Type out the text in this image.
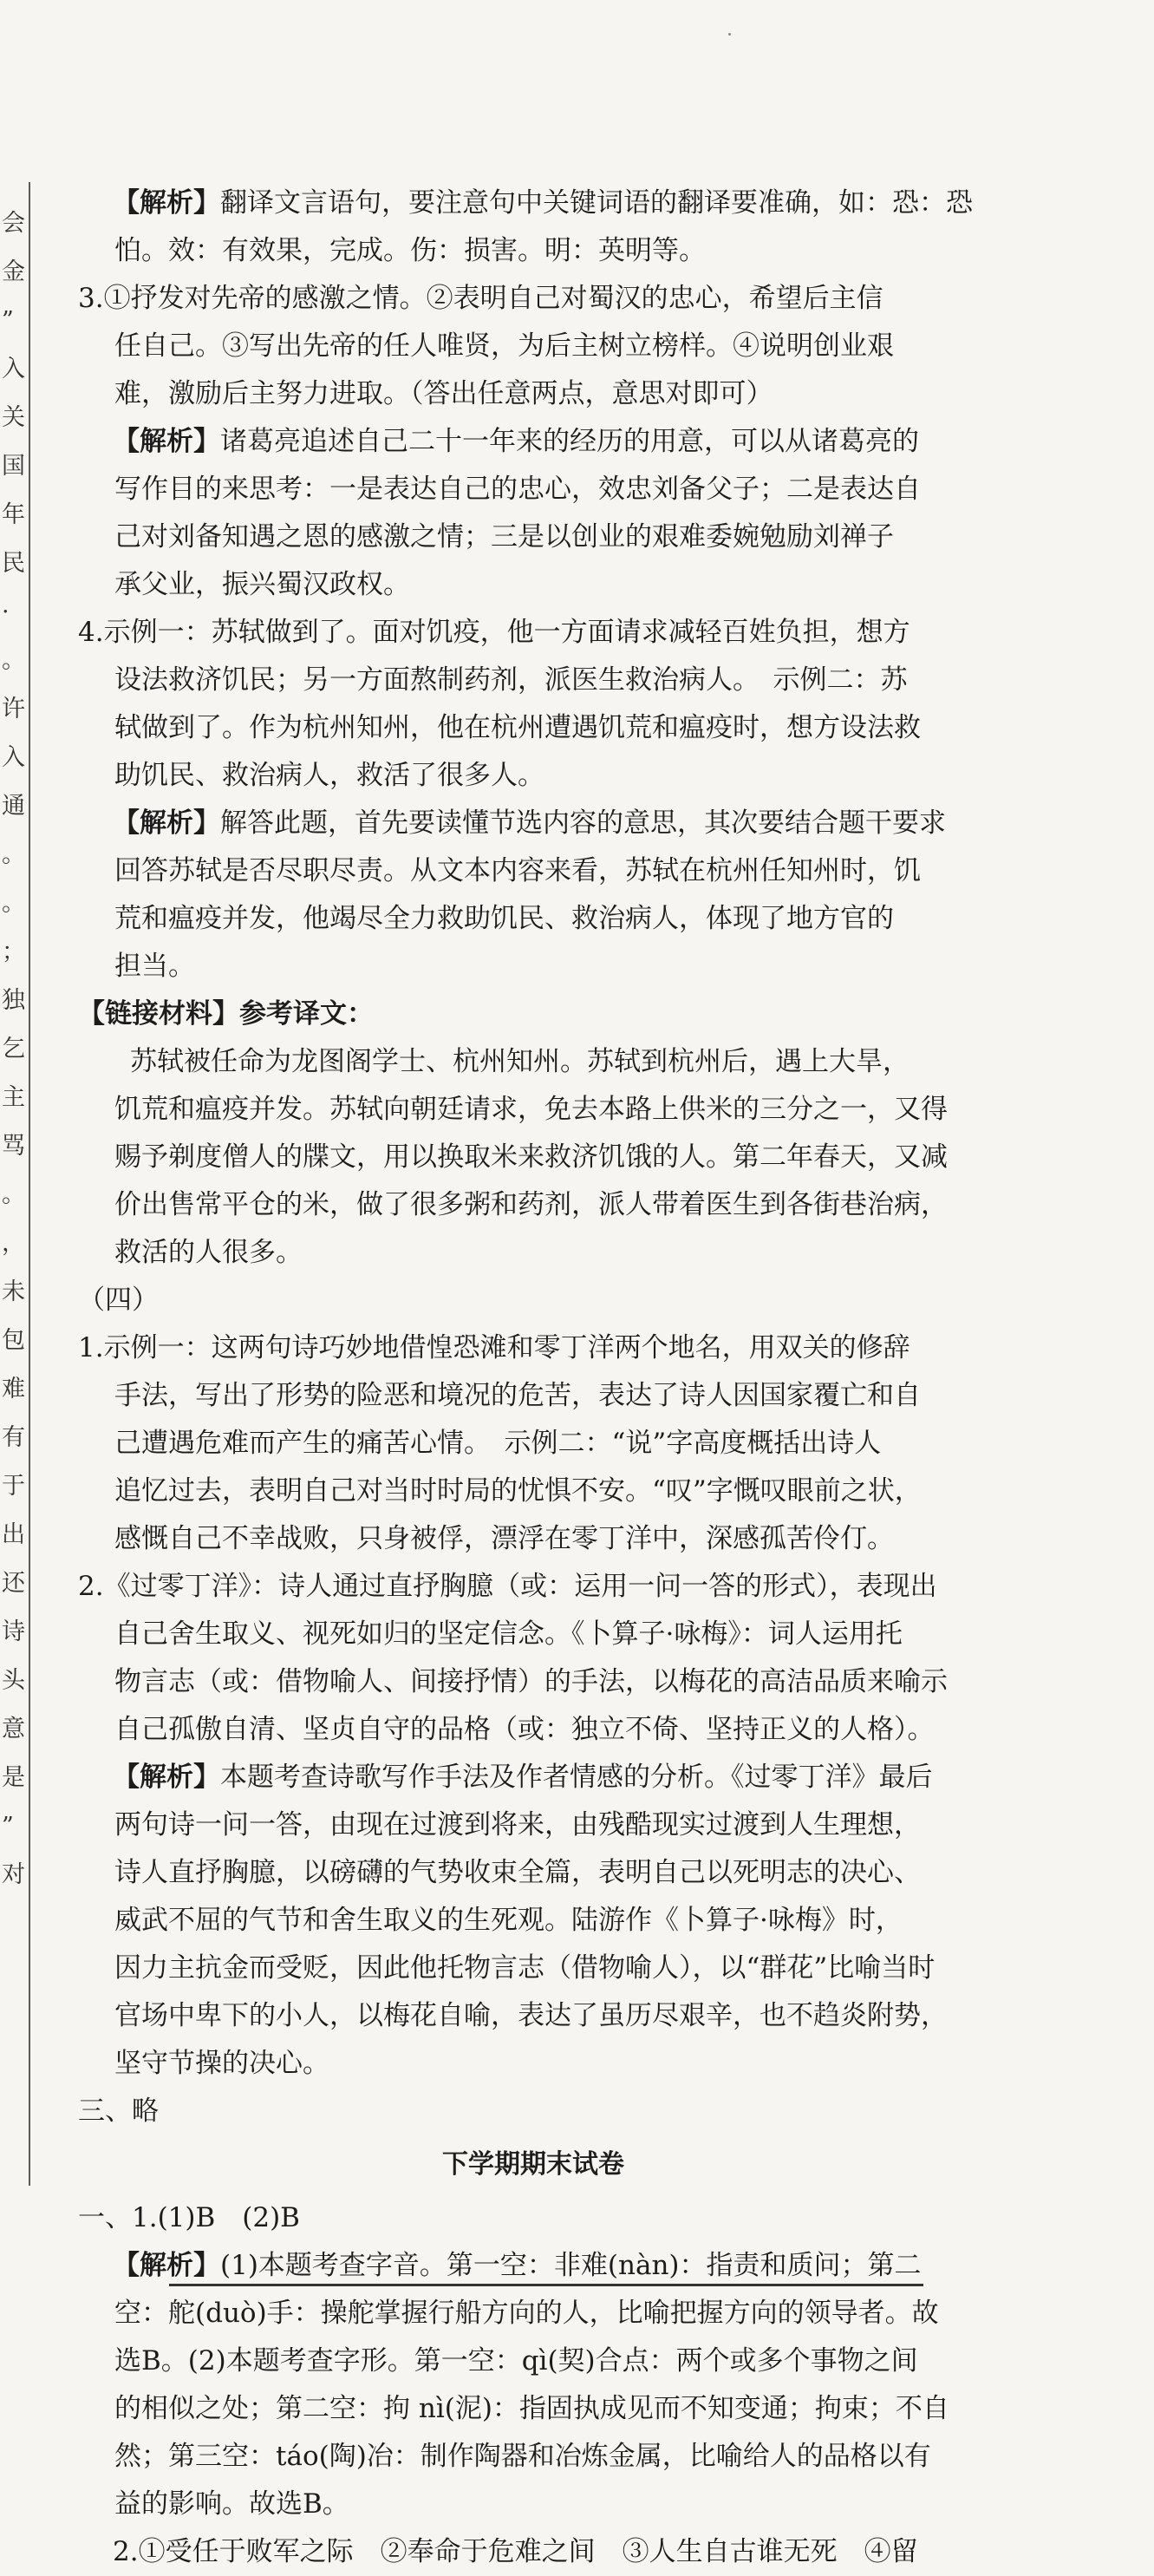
会
金
”
入
关
国
年
民
·
。
许
入
通
。
。
；
独
乞
主
骂
。
，
未
包
难
有
于
出
还
诗
头
意
是
”
对
【解析】翻译文言语句，要注意句中关键词语的翻译要准确，如：恐：恐
怕。效：有效果，完成。伤：损害。明：英明等。
3.①抒发对先帝的感激之情。②表明自己对蜀汉的忠心，希望后主信
任自己。③写出先帝的任人唯贤，为后主树立榜样。④说明创业艰
难，激励后主努力进取。（答出任意两点，意思对即可）
【解析】诸葛亮追述自己二十一年来的经历的用意，可以从诸葛亮的
写作目的来思考：一是表达自己的忠心，效忠刘备父子；二是表达自
己对刘备知遇之恩的感激之情；三是以创业的艰难委婉勉励刘禅子
承父业，振兴蜀汉政权。
4.示例一：苏轼做到了。面对饥疫，他一方面请求减轻百姓负担，想方
设法救济饥民；另一方面熬制药剂，派医生救治病人。　示例二：苏
轼做到了。作为杭州知州，他在杭州遭遇饥荒和瘟疫时，想方设法救
助饥民、救治病人，救活了很多人。
【解析】解答此题，首先要读懂节选内容的意思，其次要结合题干要求
回答苏轼是否尽职尽责。从文本内容来看，苏轼在杭州任知州时，饥
荒和瘟疫并发，他竭尽全力救助饥民、救治病人，体现了地方官的
担当。
【链接材料】参考译文：
苏轼被任命为龙图阁学士、杭州知州。苏轼到杭州后，遇上大旱，
饥荒和瘟疫并发。苏轼向朝廷请求，免去本路上供米的三分之一，又得
赐予剃度僧人的牒文，用以换取米来救济饥饿的人。第二年春天，又减
价出售常平仓的米，做了很多粥和药剂，派人带着医生到各街巷治病，
救活的人很多。
（四）
1.示例一：这两句诗巧妙地借惶恐滩和零丁洋两个地名，用双关的修辞
手法，写出了形势的险恶和境况的危苦，表达了诗人因国家覆亡和自
己遭遇危难而产生的痛苦心情。　示例二：“说”字高度概括出诗人
追忆过去，表明自己对当时时局的忧惧不安。“叹”字慨叹眼前之状，
感慨自己不幸战败，只身被俘，漂浮在零丁洋中，深感孤苦伶仃。
2.《过零丁洋》：诗人通过直抒胸臆（或：运用一问一答的形式），表现出
自己舍生取义、视死如归的坚定信念。《卜算子·咏梅》：词人运用托
物言志（或：借物喻人、间接抒情）的手法，以梅花的高洁品质来喻示
自己孤傲自清、坚贞自守的品格（或：独立不倚、坚持正义的人格）。
【解析】本题考查诗歌写作手法及作者情感的分析。《过零丁洋》最后
两句诗一问一答，由现在过渡到将来，由残酷现实过渡到人生理想，
诗人直抒胸臆，以磅礴的气势收束全篇，表明自己以死明志的决心、
威武不屈的气节和舍生取义的生死观。陆游作《卜算子·咏梅》时，
因力主抗金而受贬，因此他托物言志（借物喻人），以“群花”比喻当时
官场中卑下的小人，以梅花自喻，表达了虽历尽艰辛，也不趋炎附势，
坚守节操的决心。
三、略
下学期期末试卷
一、1.(1)B　(2)B
【解析】(1)本题考查字音。第一空：非难(nàn)：指责和质问；第二
空：舵(duò)手：操舵掌握行船方向的人，比喻把握方向的领导者。故
选B。(2)本题考查字形。第一空：qì(契)合点：两个或多个事物之间
的相似之处；第二空：拘 nì(泥)：指固执成见而不知变通；拘束；不自
然；第三空：táo(陶)冶：制作陶器和冶炼金属，比喻给人的品格以有
益的影响。故选B。
2.①受任于败军之际　②奉命于危难之间　③人生自古谁无死　④留
